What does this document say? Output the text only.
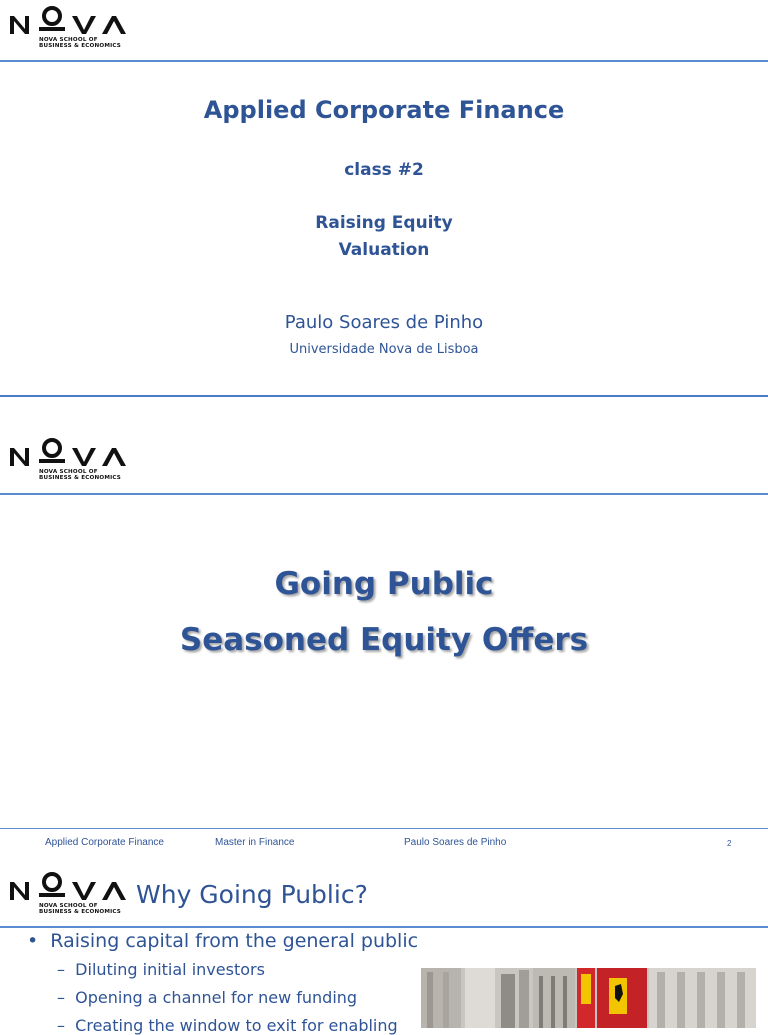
NOVA SCHOOL OF
BUSINESS & ECONOMICS
Applied Corporate Finance
class #2
Raising Equity
Valuation
Paulo Soares de Pinho
Universidade Nova de Lisboa
NOVA SCHOOL OF
BUSINESS & ECONOMICS
Going Public
Seasoned Equity Offers
Applied Corporate Finance	Master in Finance	Paulo Soares de Pinho	2
NOVA SCHOOL OF
BUSINESS & ECONOMICS
Why Going Public?
•  Raising capital from the general public
–  Diluting initial investors
–  Opening a channel for new funding
–  Creating the window to exit for enabling
